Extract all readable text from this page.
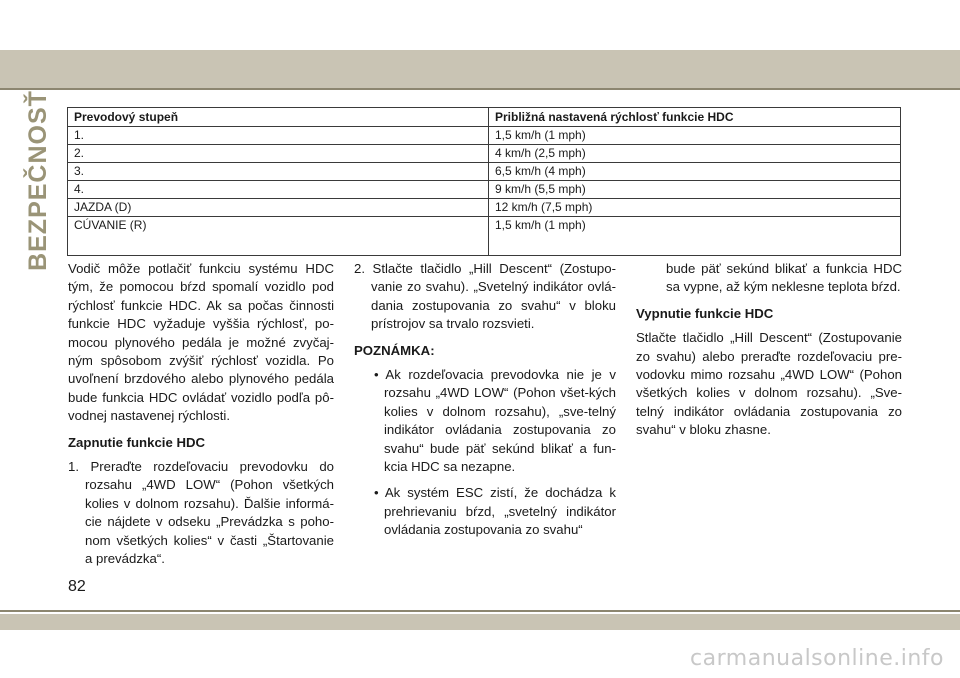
BEZPEČNOSŤ Prevodový stupeň	Približná nastavená rýchlosť funkcie HDC
1.	1,5 km/h (1 mph)
2.	4 km/h (2,5 mph)
3.	6,5 km/h (4 mph)
4.	9 km/h (5,5 mph)
JAZDA (D)	12 km/h (7,5 mph)
CÚVANIE (R)	1,5 km/h (1 mph)

Vodič môže potlačiť funkciu systému HDC tým, že pomocou bŕzd spomalí vozidlo pod rýchlosť funkcie HDC. Ak sa počas činnosti funkcie HDC vyžaduje vyššia rýchlosť, po-mocou plynového pedála je možné zvyčaj-ným spôsobom zvýšiť rýchlosť vozidla. Po uvoľnení brzdového alebo plynového pedála bude funkcia HDC ovládať vozidlo podľa pô-vodnej nastavenej rýchlosti.

Zapnutie funkcie HDC

1. Preraďte rozdeľovaciu prevodovku do rozsahu „4WD LOW“ (Pohon všetkých kolies v dolnom rozsahu). Ďalšie informá-cie nájdete v odseku „Prevádzka s poho-nom všetkých kolies“ v časti „Štartovanie a prevádzka“.

2. Stlačte tlačidlo „Hill Descent“ (Zostupo-vanie zo svahu). „Svetelný indikátor ovlá-dania zostupovania zo svahu“ v bloku prístrojov sa trvalo rozsvieti.

POZNÁMKA:

• Ak rozdeľovacia prevodovka nie je v rozsahu „4WD LOW“ (Pohon všet-kých kolies v dolnom rozsahu), „sve-telný indikátor ovládania zostupovania zo svahu“ bude päť sekúnd blikať a fun-kcia HDC sa nezapne.

• Ak systém ESC zistí, že dochádza k prehrievaniu bŕzd, „svetelný indikátor ovládania zostupovania zo svahu“

bude päť sekúnd blikať a funkcia HDC sa vypne, až kým neklesne teplota bŕzd.

Vypnutie funkcie HDC

Stlačte tlačidlo „Hill Descent“ (Zostupovanie zo svahu) alebo preraďte rozdeľovaciu pre-vodovku mimo rozsahu „4WD LOW“ (Pohon všetkých kolies v dolnom rozsahu). „Sve-telný indikátor ovládania zostupovania zo svahu“ v bloku zhasne.

82
carmanualsonline.info
